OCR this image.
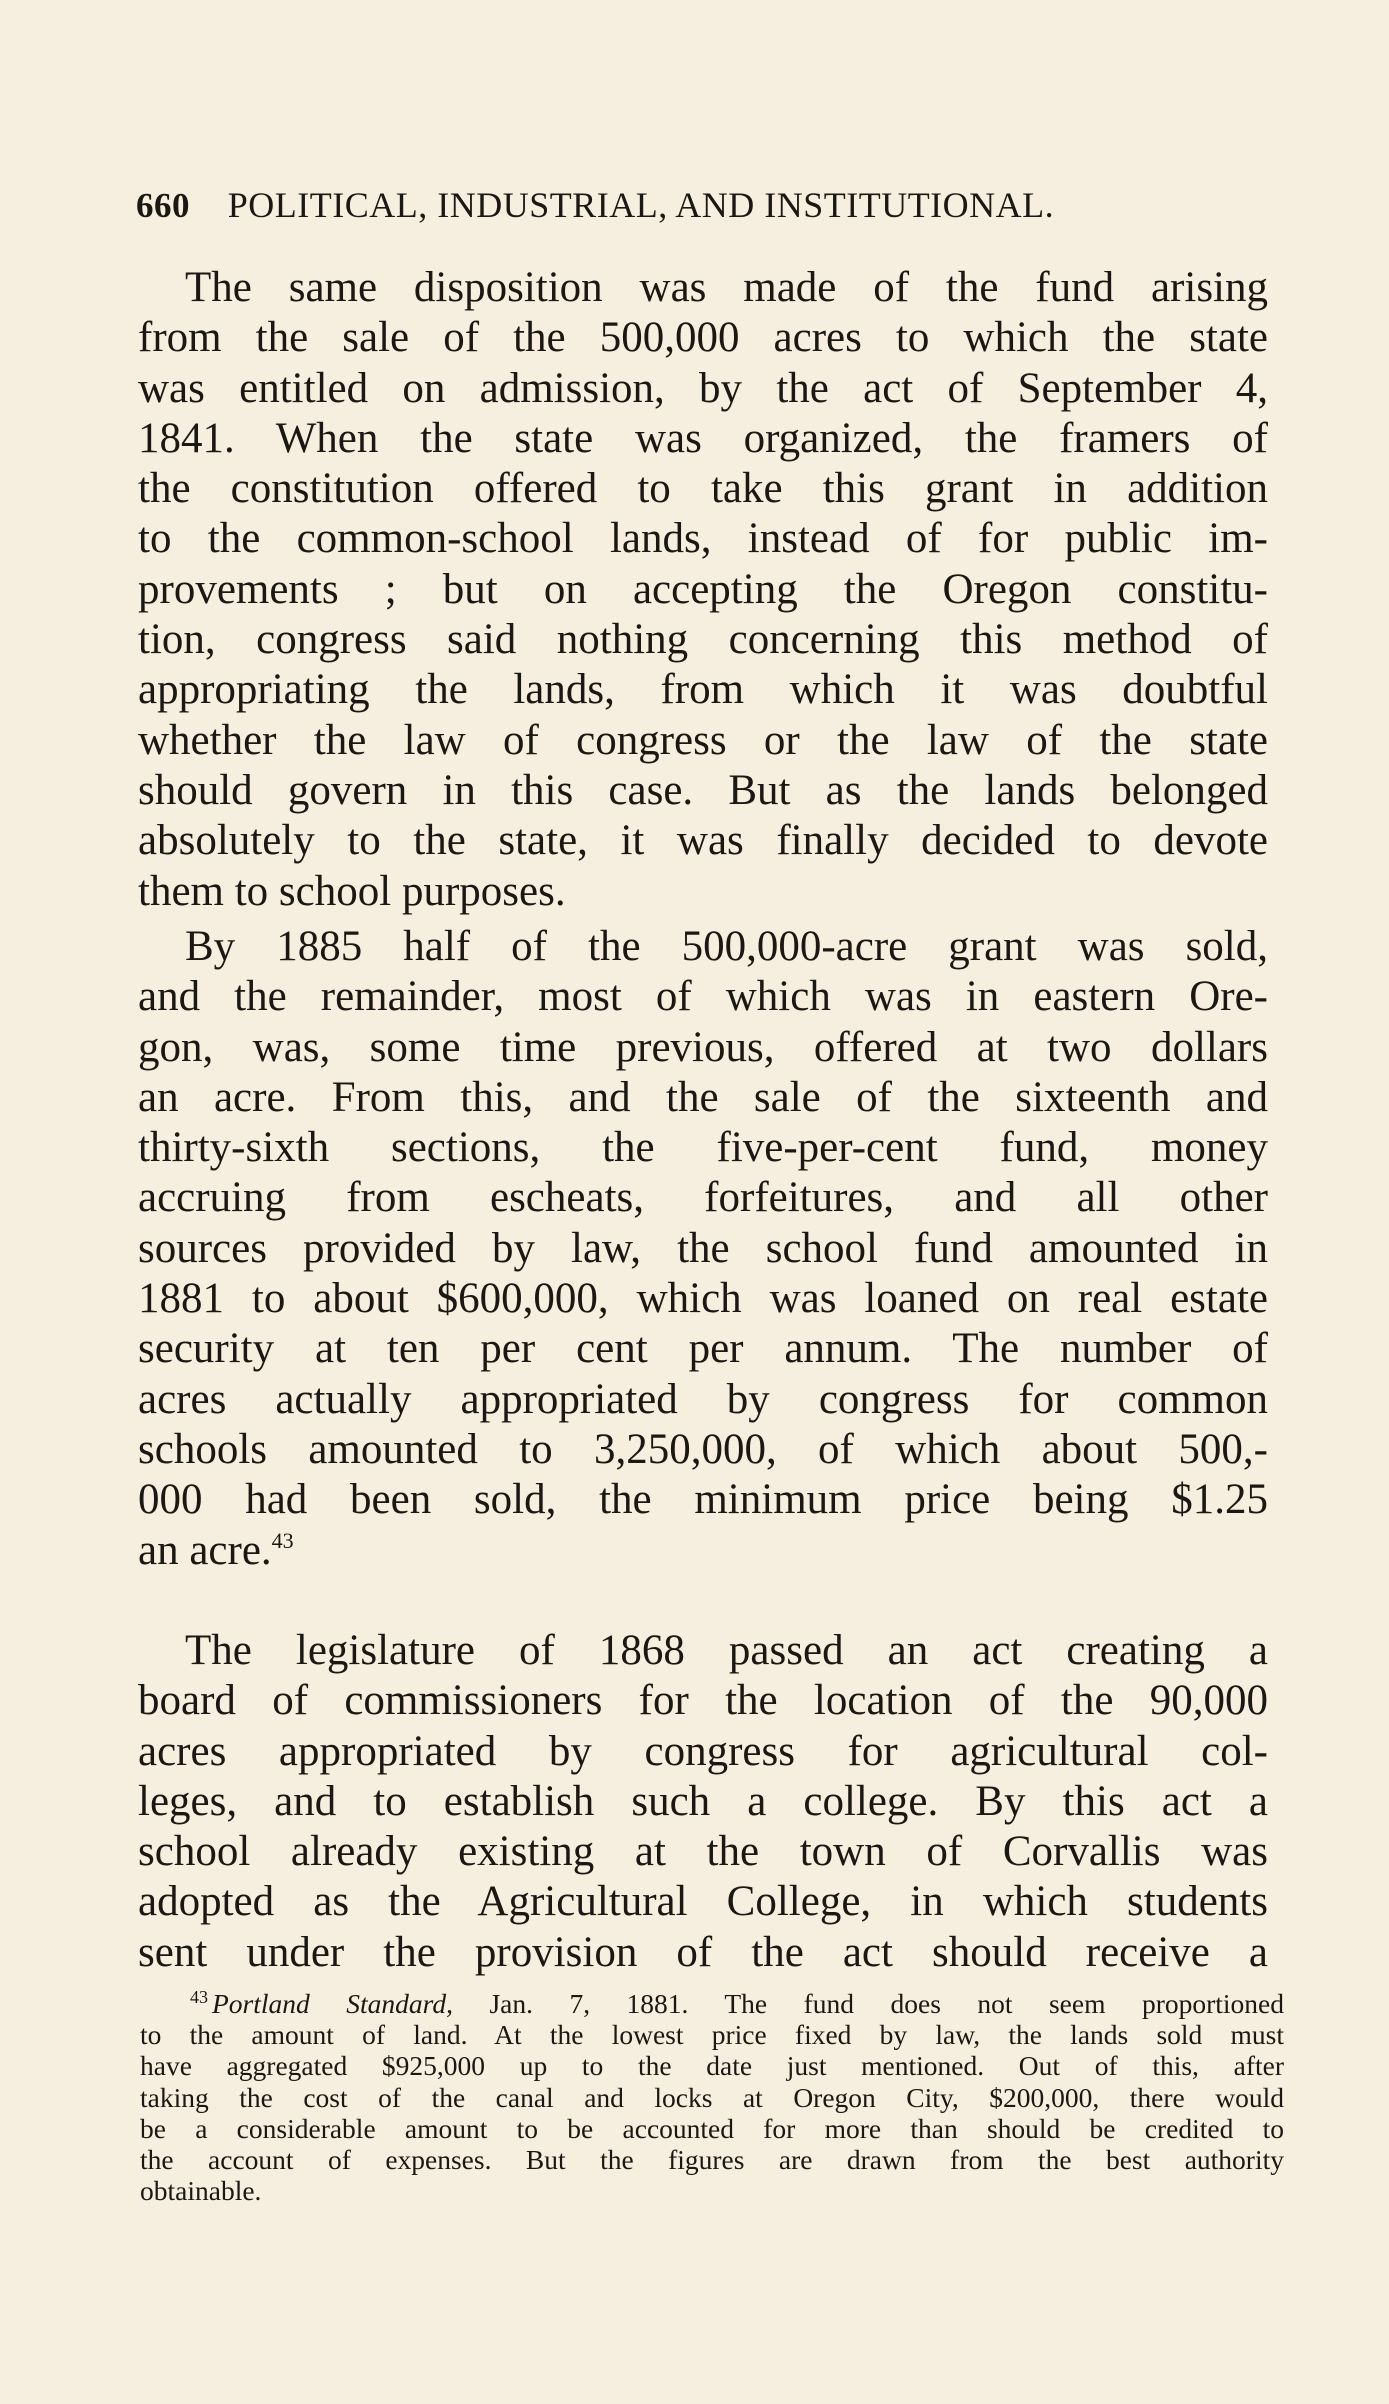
660 POLITICAL, INDUSTRIAL, AND INSTITUTIONAL.
The same disposition was made of the fund arising
from the sale of the 500,000 acres to which the state
was entitled on admission, by the act of September 4,
1841. When the state was organized, the framers of
the constitution offered to take this grant in addition
to the common-school lands, instead of for public im-
provements ; but on accepting the Oregon constitu-
tion, congress said nothing concerning this method of
appropriating the lands, from which it was doubtful
whether the law of congress or the law of the state
should govern in this case. But as the lands belonged
absolutely to the state, it was finally decided to devote
them to school purposes.
By 1885 half of the 500,000-acre grant was sold,
and the remainder, most of which was in eastern Ore-
gon, was, some time previous, offered at two dollars
an acre. From this, and the sale of the sixteenth and
thirty-sixth sections, the five-per-cent fund, money
accruing from escheats, forfeitures, and all other
sources provided by law, the school fund amounted in
1881 to about $600,000, which was loaned on real estate
security at ten per cent per annum. The number of
acres actually appropriated by congress for common
schools amounted to 3,250,000, of which about 500,-
000 had been sold, the minimum price being $1.25
an acre.$^{43}$
The legislature of 1868 passed an act creating a
board of commissioners for the location of the 90,000
acres appropriated by congress for agricultural col-
leges, and to establish such a college. By this act a
school already existing at the town of Corvallis was
adopted as the Agricultural College, in which students
sent under the provision of the act should receive a
$^{43}$ Portland Standard, Jan. 7, 1881. The fund does not seem proportioned
to the amount of land. At the lowest price fixed by law, the lands sold must
have aggregated $925,000 up to the date just mentioned. Out of this, after
taking the cost of the canal and locks at Oregon City, $200,000, there would
be a considerable amount to be accounted for more than should be credited to
the account of expenses. But the figures are drawn from the best authority
obtainable.
